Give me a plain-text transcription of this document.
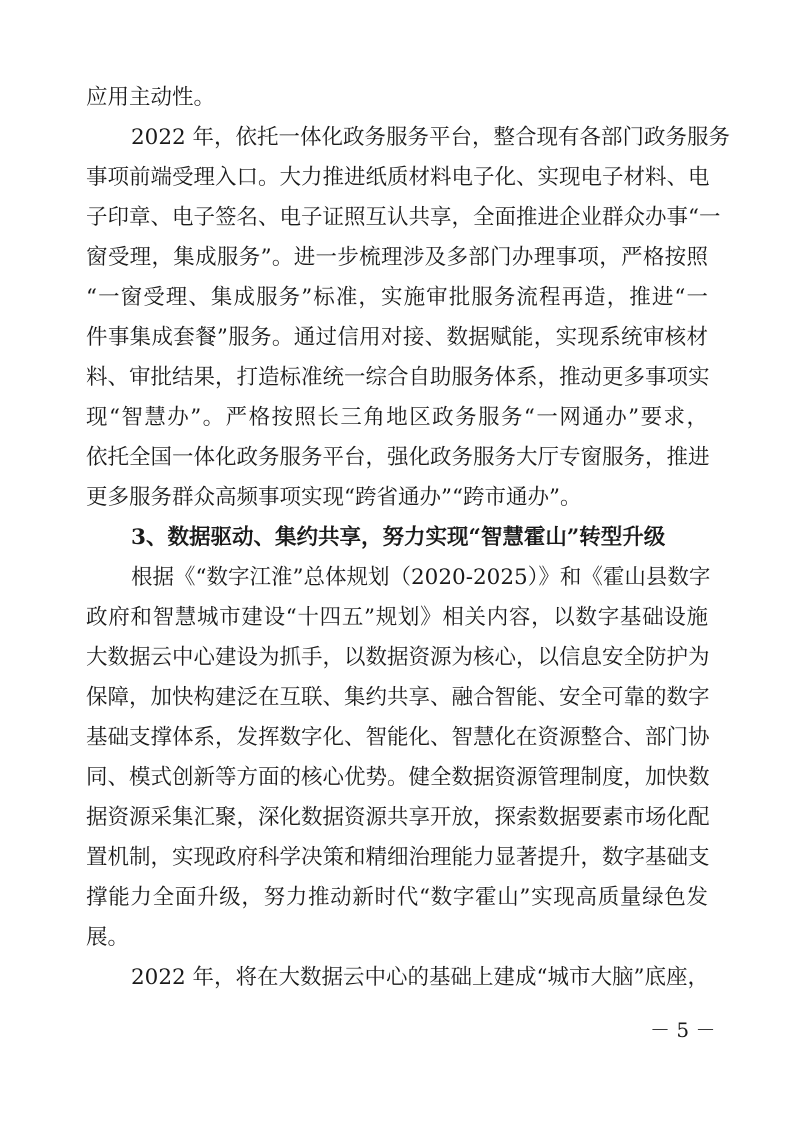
应用主动性。
2022 年，依托一体化政务服务平台，整合现有各部门政务服务
事项前端受理入口。大力推进纸质材料电子化、实现电子材料、电
子印章、电子签名、电子证照互认共享，全面推进企业群众办事“一
窗受理，集成服务”。进一步梳理涉及多部门办理事项，严格按照
“一窗受理、集成服务”标准，实施审批服务流程再造，推进“一
件事集成套餐”服务。通过信用对接、数据赋能，实现系统审核材
料、审批结果，打造标准统一综合自助服务体系，推动更多事项实
现“智慧办”。严格按照长三角地区政务服务“一网通办”要求，
依托全国一体化政务服务平台，强化政务服务大厅专窗服务，推进
更多服务群众高频事项实现“跨省通办”“跨市通办”。
3、数据驱动、集约共享，努力实现“智慧霍山”转型升级
根据《“数字江淮”总体规划（2020-2025）》和《霍山县数字
政府和智慧城市建设“十四五”规划》相关内容，以数字基础设施
大数据云中心建设为抓手，以数据资源为核心，以信息安全防护为
保障，加快构建泛在互联、集约共享、融合智能、安全可靠的数字
基础支撑体系，发挥数字化、智能化、智慧化在资源整合、部门协
同、模式创新等方面的核心优势。健全数据资源管理制度，加快数
据资源采集汇聚，深化数据资源共享开放，探索数据要素市场化配
置机制，实现政府科学决策和精细治理能力显著提升，数字基础支
撑能力全面升级，努力推动新时代“数字霍山”实现高质量绿色发
展。
2022 年，将在大数据云中心的基础上建成“城市大脑”底座，
－ 5 －
